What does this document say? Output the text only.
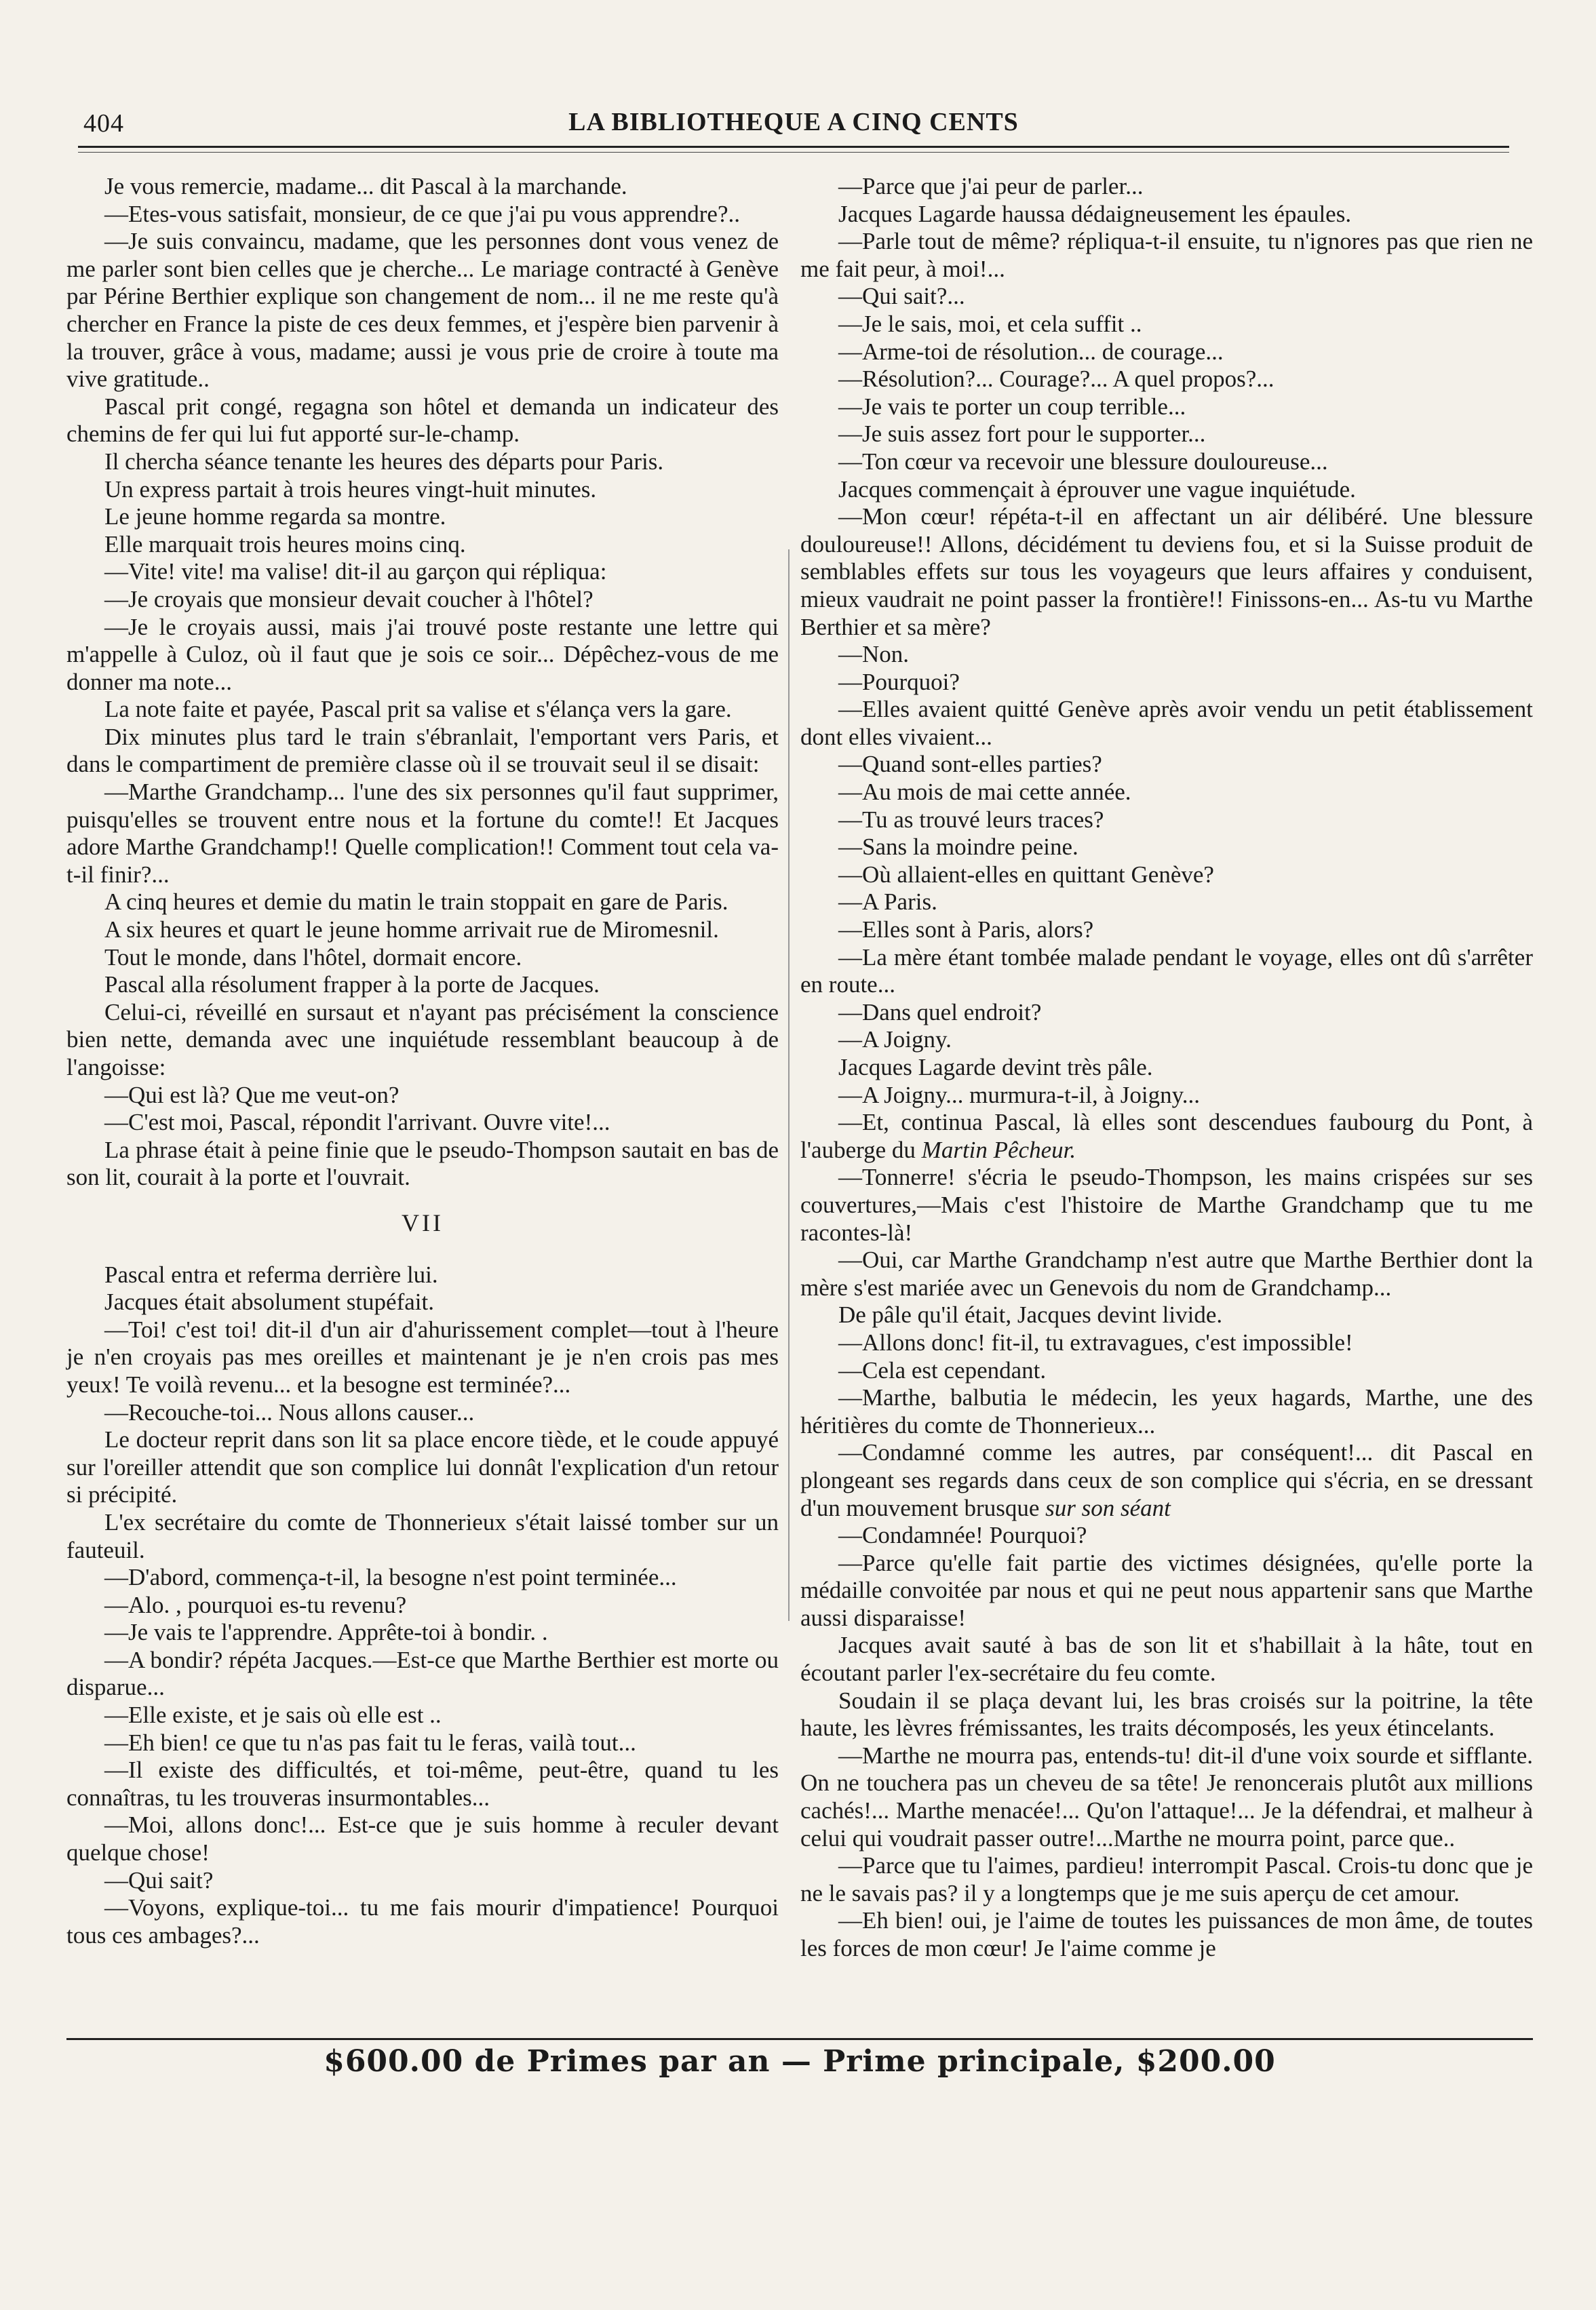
404	LA BIBLIOTHEQUE A CINQ CENTS

Je vous remercie, madame... dit Pascal à la marchande.

—Etes-vous satisfait, monsieur, de ce que j'ai pu vous apprendre?..

—Je suis convaincu, madame, que les personnes dont vous venez de me parler sont bien celles que je cherche... Le mariage contracté à Genève par Périne Berthier explique son changement de nom... il ne me reste qu'à chercher en France la piste de ces deux femmes, et j'espère bien parvenir à la trouver, grâce à vous, madame; aussi je vous prie de croire à toute ma vive gratitude..

Pascal prit congé, regagna son hôtel et demanda un indicateur des chemins de fer qui lui fut apporté sur-le-champ.

Il chercha séance tenante les heures des départs pour Paris.

Un express partait à trois heures vingt-huit minutes.

Le jeune homme regarda sa montre.

Elle marquait trois heures moins cinq.

—Vite! vite! ma valise! dit-il au garçon qui répliqua:

—Je croyais que monsieur devait coucher à l'hôtel?

—Je le croyais aussi, mais j'ai trouvé poste restante une lettre qui m'appelle à Culoz, où il faut que je sois ce soir... Dépêchez-vous de me donner ma note...

La note faite et payée, Pascal prit sa valise et s'élança vers la gare.

Dix minutes plus tard le train s'ébranlait, l'emportant vers Paris, et dans le compartiment de première classe où il se trouvait seul il se disait:

—Marthe Grandchamp... l'une des six personnes qu'il faut supprimer, puisqu'elles se trouvent entre nous et la fortune du comte!! Et Jacques adore Marthe Grandchamp!! Quelle complication!! Comment tout cela va-t-il finir?...

A cinq heures et demie du matin le train stoppait en gare de Paris.

A six heures et quart le jeune homme arrivait rue de Miromesnil.

Tout le monde, dans l'hôtel, dormait encore.

Pascal alla résolument frapper à la porte de Jacques.

Celui-ci, réveillé en sursaut et n'ayant pas précisément la conscience bien nette, demanda avec une inquiétude ressemblant beaucoup à de l'angoisse:

—Qui est là? Que me veut-on?

—C'est moi, Pascal, répondit l'arrivant. Ouvre vite!...

La phrase était à peine finie que le pseudo-Thompson sautait en bas de son lit, courait à la porte et l'ouvrait.

VII

Pascal entra et referma derrière lui.

Jacques était absolument stupéfait.

—Toi! c'est toi! dit-il d'un air d'ahurissement complet—tout à l'heure je n'en croyais pas mes oreilles et maintenant je je n'en crois pas mes yeux! Te voilà revenu... et la besogne est terminée?...

—Recouche-toi... Nous allons causer...

Le docteur reprit dans son lit sa place encore tiède, et le coude appuyé sur l'oreiller attendit que son complice lui donnât l'explication d'un retour si précipité.

L'ex secrétaire du comte de Thonnerieux s'était laissé tomber sur un fauteuil.

—D'abord, commença-t-il, la besogne n'est point terminée...

—Alo. , pourquoi es-tu revenu?

—Je vais te l'apprendre. Apprête-toi à bondir. .

—A bondir? répéta Jacques.—Est-ce que Marthe Berthier est morte ou disparue...

—Elle existe, et je sais où elle est ..

—Eh bien! ce que tu n'as pas fait tu le feras, vailà tout...

—Il existe des difficultés, et toi-même, peut-être, quand tu les connaîtras, tu les trouveras insurmontables...

—Moi, allons donc!... Est-ce que je suis homme à reculer devant quelque chose!

—Qui sait?

—Voyons, explique-toi... tu me fais mourir d'impatience! Pourquoi tous ces ambages?...

—Parce que j'ai peur de parler...

Jacques Lagarde haussa dédaigneusement les épaules.

—Parle tout de même? répliqua-t-il ensuite, tu n'ignores pas que rien ne me fait peur, à moi!...

—Qui sait?...

—Je le sais, moi, et cela suffit ..

—Arme-toi de résolution... de courage...

—Résolution?... Courage?... A quel propos?...

—Je vais te porter un coup terrible...

—Je suis assez fort pour le supporter...

—Ton cœur va recevoir une blessure douloureuse...

Jacques commençait à éprouver une vague inquiétude.

—Mon cœur! répéta-t-il en affectant un air délibéré. Une blessure douloureuse!! Allons, décidément tu deviens fou, et si la Suisse produit de semblables effets sur tous les voyageurs que leurs affaires y conduisent, mieux vaudrait ne point passer la frontière!! Finissons-en... As-tu vu Marthe Berthier et sa mère?

—Non.

—Pourquoi?

—Elles avaient quitté Genève après avoir vendu un petit établissement dont elles vivaient...

—Quand sont-elles parties?

—Au mois de mai cette année.

—Tu as trouvé leurs traces?

—Sans la moindre peine.

—Où allaient-elles en quittant Genève?

—A Paris.

—Elles sont à Paris, alors?

—La mère étant tombée malade pendant le voyage, elles ont dû s'arrêter en route...

—Dans quel endroit?

—A Joigny.

Jacques Lagarde devint très pâle.

—A Joigny... murmura-t-il, à Joigny...

—Et, continua Pascal, là elles sont descendues faubourg du Pont, à l'auberge du Martin Pêcheur.

—Tonnerre! s'écria le pseudo-Thompson, les mains crispées sur ses couvertures,—Mais c'est l'histoire de Marthe Grandchamp que tu me racontes-là!

—Oui, car Marthe Grandchamp n'est autre que Marthe Berthier dont la mère s'est mariée avec un Genevois du nom de Grandchamp...

De pâle qu'il était, Jacques devint livide.

—Allons donc! fit-il, tu extravagues, c'est impossible!

—Cela est cependant.

—Marthe, balbutia le médecin, les yeux hagards, Marthe, une des héritières du comte de Thonnerieux...

—Condamné comme les autres, par conséquent!... dit Pascal en plongeant ses regards dans ceux de son complice qui s'écria, en se dressant d'un mouvement brusque sur son séant

—Condamnée! Pourquoi?

—Parce qu'elle fait partie des victimes désignées, qu'elle porte la médaille convoitée par nous et qui ne peut nous appartenir sans que Marthe aussi disparaisse!

Jacques avait sauté à bas de son lit et s'habillait à la hâte, tout en écoutant parler l'ex-secrétaire du feu comte.

Soudain il se plaça devant lui, les bras croisés sur la poitrine, la tête haute, les lèvres frémissantes, les traits décomposés, les yeux étincelants.

—Marthe ne mourra pas, entends-tu! dit-il d'une voix sourde et sifflante. On ne touchera pas un cheveu de sa tête! Je renoncerais plutôt aux millions cachés!... Marthe menacée!... Qu'on l'attaque!... Je la défendrai, et malheur à celui qui voudrait passer outre!...Marthe ne mourra point, parce que..

—Parce que tu l'aimes, pardieu! interrompit Pascal. Crois-tu donc que je ne le savais pas? il y a longtemps que je me suis aperçu de cet amour.

—Eh bien! oui, je l'aime de toutes les puissances de mon âme, de toutes les forces de mon cœur! Je l'aime comme je

$600.00 de Primes par an — Prime principale, $200.00
